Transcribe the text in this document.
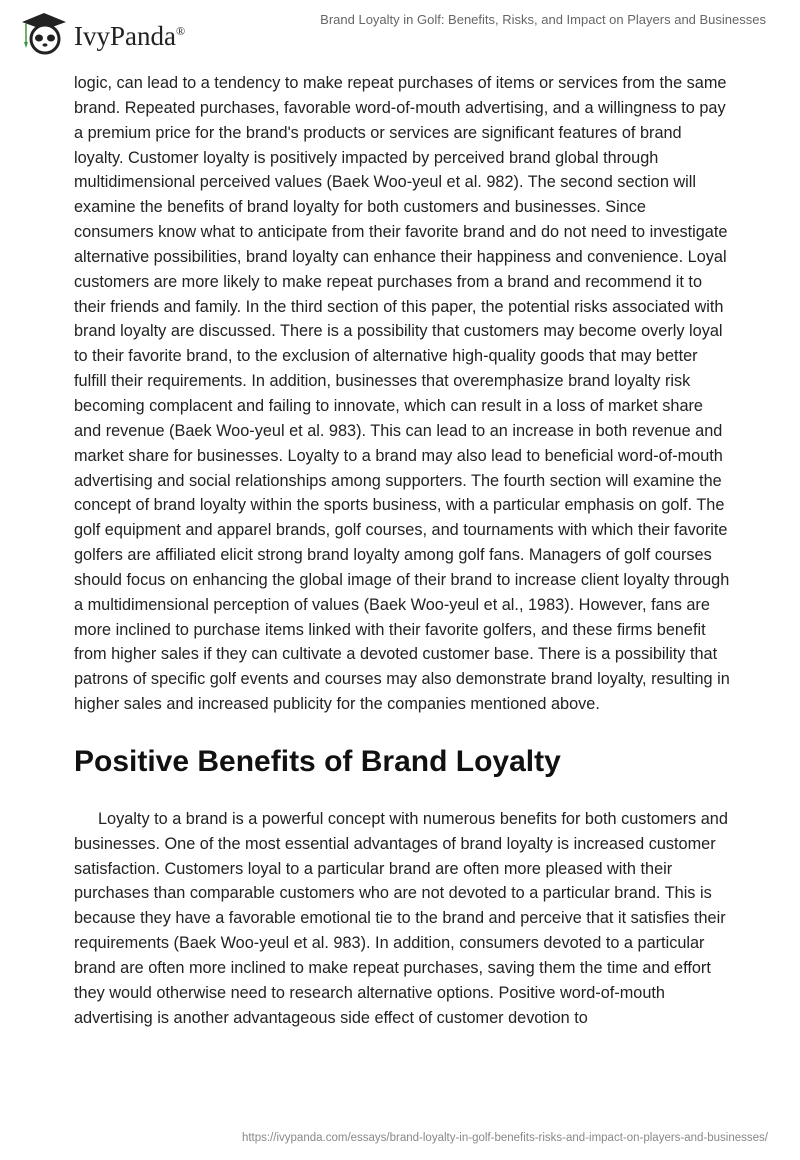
IvyPanda®
Brand Loyalty in Golf: Benefits, Risks, and Impact on Players and Businesses

logic, can lead to a tendency to make repeat purchases of items or services from the same brand. Repeated purchases, favorable word-of-mouth advertising, and a willingness to pay a premium price for the brand's products or services are significant features of brand loyalty. Customer loyalty is positively impacted by perceived brand global through multidimensional perceived values (Baek Woo-yeul et al. 982). The second section will examine the benefits of brand loyalty for both customers and businesses. Since consumers know what to anticipate from their favorite brand and do not need to investigate alternative possibilities, brand loyalty can enhance their happiness and convenience. Loyal customers are more likely to make repeat purchases from a brand and recommend it to their friends and family. In the third section of this paper, the potential risks associated with brand loyalty are discussed. There is a possibility that customers may become overly loyal to their favorite brand, to the exclusion of alternative high-quality goods that may better fulfill their requirements. In addition, businesses that overemphasize brand loyalty risk becoming complacent and failing to innovate, which can result in a loss of market share and revenue (Baek Woo-yeul et al. 983). This can lead to an increase in both revenue and market share for businesses. Loyalty to a brand may also lead to beneficial word-of-mouth advertising and social relationships among supporters. The fourth section will examine the concept of brand loyalty within the sports business, with a particular emphasis on golf. The golf equipment and apparel brands, golf courses, and tournaments with which their favorite golfers are affiliated elicit strong brand loyalty among golf fans. Managers of golf courses should focus on enhancing the global image of their brand to increase client loyalty through a multidimensional perception of values (Baek Woo-yeul et al., 1983). However, fans are more inclined to purchase items linked with their favorite golfers, and these firms benefit from higher sales if they can cultivate a devoted customer base. There is a possibility that patrons of specific golf events and courses may also demonstrate brand loyalty, resulting in higher sales and increased publicity for the companies mentioned above.

Positive Benefits of Brand Loyalty

Loyalty to a brand is a powerful concept with numerous benefits for both customers and businesses. One of the most essential advantages of brand loyalty is increased customer satisfaction. Customers loyal to a particular brand are often more pleased with their purchases than comparable customers who are not devoted to a particular brand. This is because they have a favorable emotional tie to the brand and perceive that it satisfies their requirements (Baek Woo-yeul et al. 983). In addition, consumers devoted to a particular brand are often more inclined to make repeat purchases, saving them the time and effort they would otherwise need to research alternative options. Positive word-of-mouth advertising is another advantageous side effect of customer devotion to

https://ivypanda.com/essays/brand-loyalty-in-golf-benefits-risks-and-impact-on-players-and-businesses/
